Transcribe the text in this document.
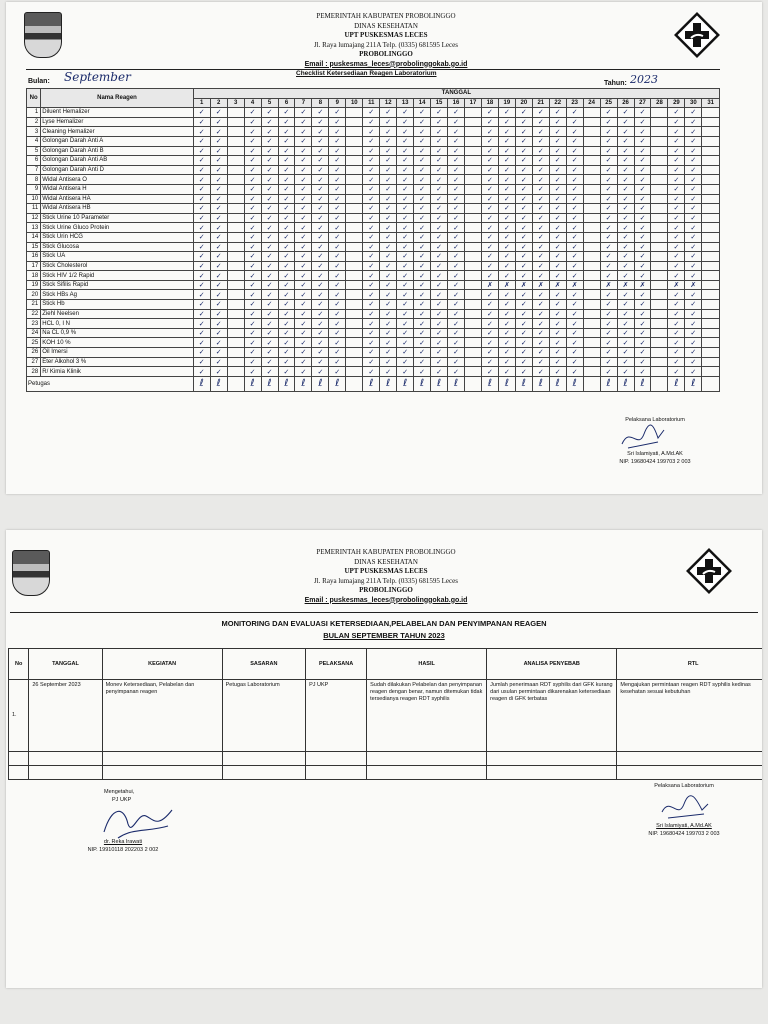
PEMERINTAH KABUPATEN PROBOLINGGO
DINAS KESEHATAN
UPT PUSKESMAS LECES
Jl. Raya lumajang 211A Telp. (0335) 681595 Leces
PROBOLINGGO
Email : puskesmas_leces@probolinggokab.go.id
Checklist Ketersediaan Reagen Laboratorium
Bulan: September	Tahun: 2023
No	Nama Reagen	TANGGAL																														
		1	2	3	4	5	6	7	8	9	10	11	12	13	14	15	16	17	18	19	20	21	22	23	24	25	26	27	28	29	30	31
1	Diluent Hemalizer	✓	✓		✓	✓	✓	✓	✓	✓		✓	✓	✓	✓	✓	✓		✓	✓	✓	✓	✓	✓		✓	✓	✓		✓	✓	
2	Lyse Hemalizer	✓	✓		✓	✓	✓	✓	✓	✓		✓	✓	✓	✓	✓	✓		✓	✓	✓	✓	✓	✓		✓	✓	✓		✓	✓	
3	Cleaning Hemalizer	✓	✓		✓	✓	✓	✓	✓	✓		✓	✓	✓	✓	✓	✓		✓	✓	✓	✓	✓	✓		✓	✓	✓		✓	✓	
4	Golongan Darah Anti A	✓	✓		✓	✓	✓	✓	✓	✓		✓	✓	✓	✓	✓	✓		✓	✓	✓	✓	✓	✓		✓	✓	✓		✓	✓	
5	Golongan Darah Anti B	✓	✓		✓	✓	✓	✓	✓	✓		✓	✓	✓	✓	✓	✓		✓	✓	✓	✓	✓	✓		✓	✓	✓		✓	✓	
6	Golongan Darah Anti AB	✓	✓		✓	✓	✓	✓	✓	✓		✓	✓	✓	✓	✓	✓		✓	✓	✓	✓	✓	✓		✓	✓	✓		✓	✓	
7	Golongan Darah Anti D	✓	✓		✓	✓	✓	✓	✓	✓		✓	✓	✓	✓	✓	✓		✓	✓	✓	✓	✓	✓		✓	✓	✓		✓	✓	
8	Widal Antisera O	✓	✓		✓	✓	✓	✓	✓	✓		✓	✓	✓	✓	✓	✓		✓	✓	✓	✓	✓	✓		✓	✓	✓		✓	✓	
9	Widal Antisera H	✓	✓		✓	✓	✓	✓	✓	✓		✓	✓	✓	✓	✓	✓		✓	✓	✓	✓	✓	✓		✓	✓	✓		✓	✓	
10	Widal Antisera HA	✓	✓		✓	✓	✓	✓	✓	✓		✓	✓	✓	✓	✓	✓		✓	✓	✓	✓	✓	✓		✓	✓	✓		✓	✓	
11	Widal Antisera HB	✓	✓		✓	✓	✓	✓	✓	✓		✓	✓	✓	✓	✓	✓		✓	✓	✓	✓	✓	✓		✓	✓	✓		✓	✓	
12	Stick Urine 10 Parameter	✓	✓		✓	✓	✓	✓	✓	✓		✓	✓	✓	✓	✓	✓		✓	✓	✓	✓	✓	✓		✓	✓	✓		✓	✓	
13	Stick Urine Gluco Protein	✓	✓		✓	✓	✓	✓	✓	✓		✓	✓	✓	✓	✓	✓		✓	✓	✓	✓	✓	✓		✓	✓	✓		✓	✓	
14	Stick Urin HCG	✓	✓		✓	✓	✓	✓	✓	✓		✓	✓	✓	✓	✓	✓		✓	✓	✓	✓	✓	✓		✓	✓	✓		✓	✓	
15	Stick Glucosa	✓	✓		✓	✓	✓	✓	✓	✓		✓	✓	✓	✓	✓	✓		✓	✓	✓	✓	✓	✓		✓	✓	✓		✓	✓	
16	Stick UA	✓	✓		✓	✓	✓	✓	✓	✓		✓	✓	✓	✓	✓	✓		✓	✓	✓	✓	✓	✓		✓	✓	✓		✓	✓	
17	Stick Cholesterol	✓	✓		✓	✓	✓	✓	✓	✓		✓	✓	✓	✓	✓	✓		✓	✓	✓	✓	✓	✓		✓	✓	✓		✓	✓	
18	Stick HIV 1/2 Rapid	✓	✓		✓	✓	✓	✓	✓	✓		✓	✓	✓	✓	✓	✓		✓	✓	✓	✓	✓	✓		✓	✓	✓		✓	✓	
19	Stick Sifilis Rapid	✓	✓		✓	✓	✓	✓	✓	✓		✓	✓	✓	✓	✓	✓		✗	✗	✗	✗	✗	✗		✗	✗	✗		✗	✗	
20	Stick HBs Ag	✓	✓		✓	✓	✓	✓	✓	✓		✓	✓	✓	✓	✓	✓		✓	✓	✓	✓	✓	✓		✓	✓	✓		✓	✓	
21	Stick Hb	✓	✓		✓	✓	✓	✓	✓	✓		✓	✓	✓	✓	✓	✓		✓	✓	✓	✓	✓	✓		✓	✓	✓		✓	✓	
22	Ziehl Neelsen	✓	✓		✓	✓	✓	✓	✓	✓		✓	✓	✓	✓	✓	✓		✓	✓	✓	✓	✓	✓		✓	✓	✓		✓	✓	
23	HCL 0, I N	✓	✓		✓	✓	✓	✓	✓	✓		✓	✓	✓	✓	✓	✓		✓	✓	✓	✓	✓	✓		✓	✓	✓		✓	✓	
24	Na CL 0,9 %	✓	✓		✓	✓	✓	✓	✓	✓		✓	✓	✓	✓	✓	✓		✓	✓	✓	✓	✓	✓		✓	✓	✓		✓	✓	
25	KOH 10 %	✓	✓		✓	✓	✓	✓	✓	✓		✓	✓	✓	✓	✓	✓		✓	✓	✓	✓	✓	✓		✓	✓	✓		✓	✓	
26	Oil Imersi	✓	✓		✓	✓	✓	✓	✓	✓		✓	✓	✓	✓	✓	✓		✓	✓	✓	✓	✓	✓		✓	✓	✓		✓	✓	
27	Eter Alkohol 3 %	✓	✓		✓	✓	✓	✓	✓	✓		✓	✓	✓	✓	✓	✓		✓	✓	✓	✓	✓	✓		✓	✓	✓		✓	✓	
28	R/ Kimia Klinik	✓	✓		✓	✓	✓	✓	✓	✓		✓	✓	✓	✓	✓	✓		✓	✓	✓	✓	✓	✓		✓	✓	✓		✓	✓	
Petugas		ℓ	ℓ		ℓ	ℓ	ℓ	ℓ	ℓ	ℓ		ℓ	ℓ	ℓ	ℓ	ℓ	ℓ		ℓ	ℓ	ℓ	ℓ	ℓ	ℓ		ℓ	ℓ	ℓ		ℓ	ℓ	
Pelaksana Laboratorium
Sri Islamiyati, A.Md.AK
NIP. 19680424 199703 2 003
PEMERINTAH KABUPATEN PROBOLINGGO
DINAS KESEHATAN
UPT PUSKESMAS LECES
Jl. Raya lumajang 211A Telp. (0335) 681595 Leces
PROBOLINGGO
Email : puskesmas_leces@probolinggokab.go.id
MONITORING DAN EVALUASI KETERSEDIAAN,PELABELAN DAN PENYIMPANAN REAGEN
BULAN SEPTEMBER TAHUN 2023
No	TANGGAL	KEGIATAN	SASARAN	PELAKSANA	HASIL	ANALISA PENYEBAB	RTL
1.	26 September 2023	Monev Ketersediaan, Pelabelan dan penyimpanan reagen	Petugas Laboratorium	PJ UKP	Sudah dilakukan Pelabelan dan penyimpanan reagen dengan benar, namun ditemukan tidak tersedianya reagen RDT syphilis	Jumlah penerimaan RDT syphilis dari GFK kurang dari usulan permintaan dikarenakan ketersediaan reagen di GFK terbatas	Mengajukan permintaan reagen RDT syphilis kedinas kesehatan sesuai kebutuhan

Mengetahui,
PJ UKP
dr. Reka Irawati
NIP. 19910118 202203 2 002
Pelaksana Laboratorium
Sri Islamiyati, A.Md.AK
NIP. 19680424 199703 2 003
